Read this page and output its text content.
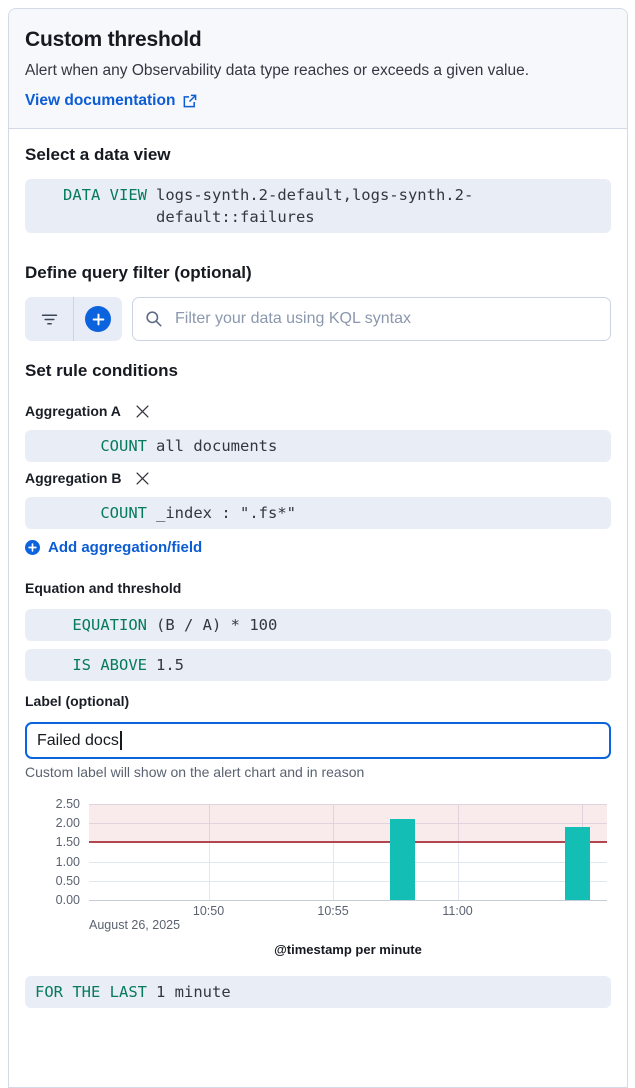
Custom threshold

Alert when any Observability data type reaches or exceeds a given value.

View documentation
Select a data view
DATA VIEW logs-synth.2-default,logs-synth.2-default::failures
Define query filter (optional)
Filter your data using KQL syntax
Set rule conditions
Aggregation A
COUNT all documents
Aggregation B
COUNT _index : ".fs*"
Add aggregation/field
Equation and threshold
EQUATION (B / A) * 100
IS ABOVE 1.5
Label (optional)
Failed docs

Custom label will show on the alert chart and in reason

2.50
2.00
1.50
1.00
0.50
0.00
10:50	10:55	11:00
August 26, 2025
@timestamp per minute
FOR THE LAST 1 minute
